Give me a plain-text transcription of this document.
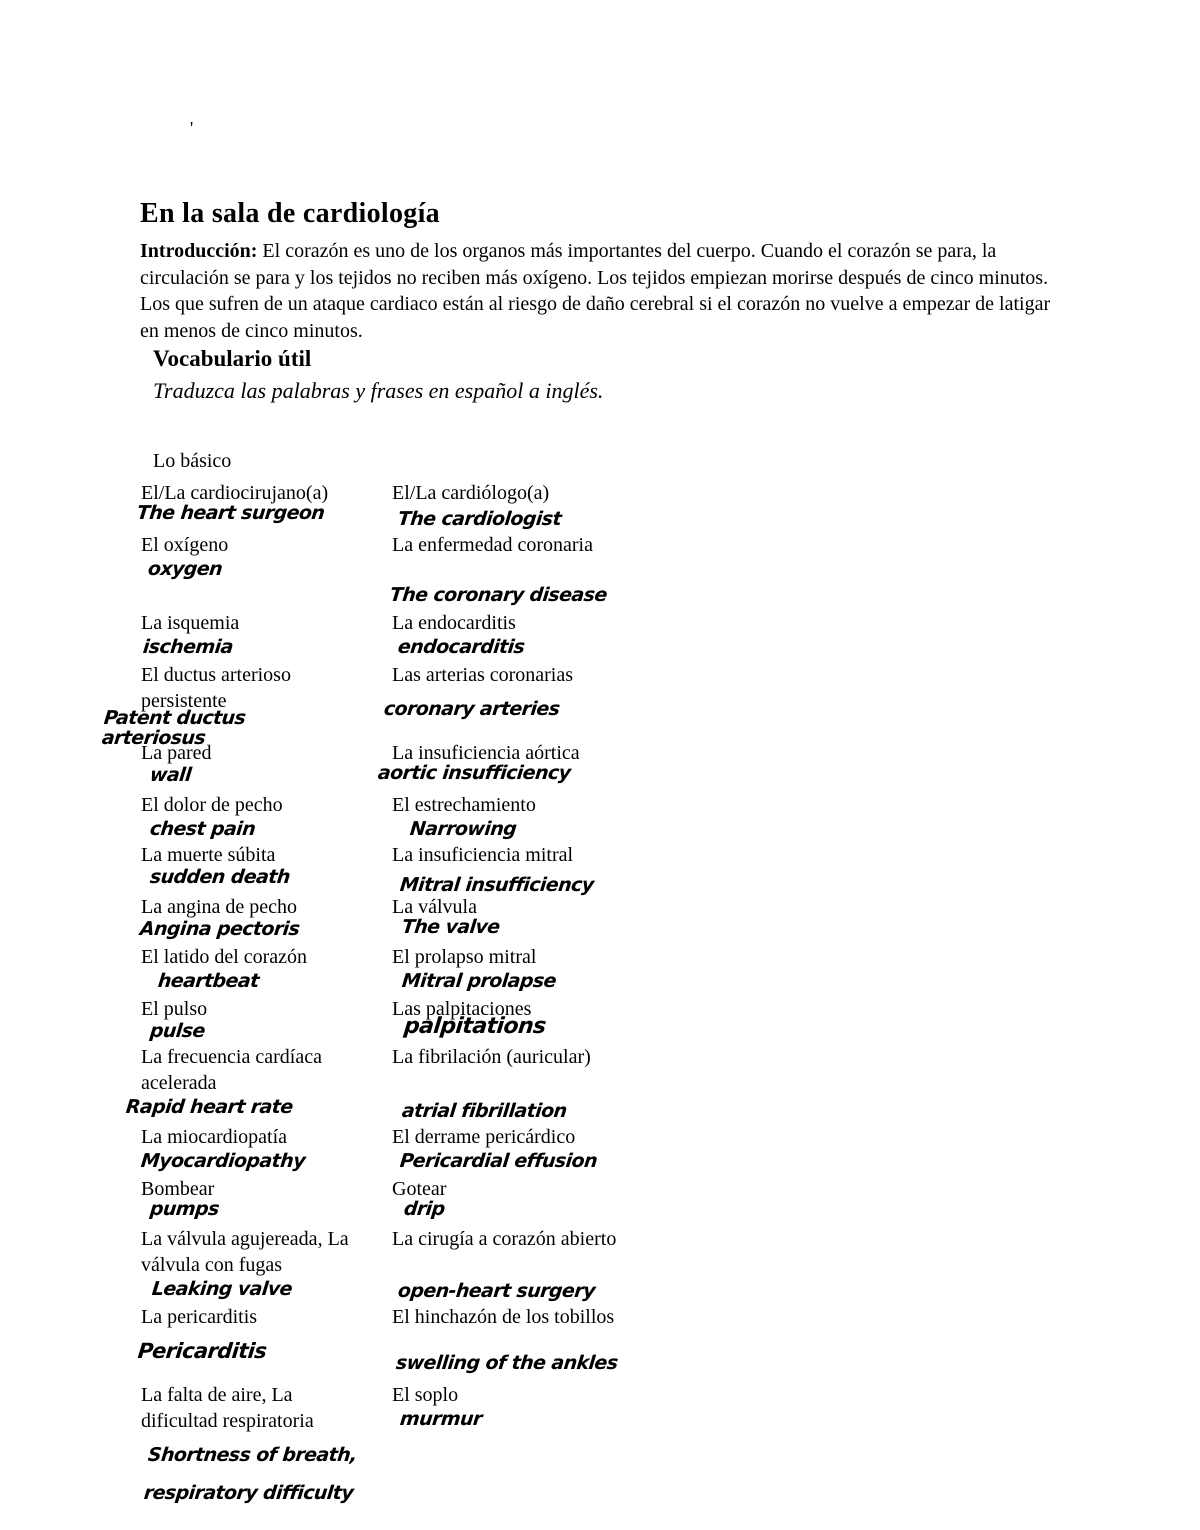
'
En la sala de cardiología

Introducción: El corazón es uno de los organos más importantes del cuerpo. Cuando el corazón se para, la circulación se para y los tejidos no reciben más oxígeno. Los tejidos empiezan morirse después de cinco minutos. Los que sufren de un ataque cardiaco están al riesgo de daño cerebral si el corazón no vuelve a empezar de latigar en menos de cinco minutos.

Vocabulario útil

Traduzca las palabras y frases en español a inglés.

Lo básico

El/La cardiocirujano(a)

The heart surgeon

El/La cardiólogo(a)

The cardiologist

El oxígeno

oxygen

La enfermedad coronaria

The coronary disease

La isquemia

ischemia

La endocarditis

endocarditis

El ductus arterioso persistente

Patent ductus arteriosus

Las arterias coronarias

coronary arteries

La pared

wall

La insuficiencia aórtica

aortic insufficiency

El dolor de pecho

chest pain

El estrechamiento

Narrowing

La muerte súbita

sudden death

La insuficiencia mitral

Mitral insufficiency

La angina de pecho

Angina pectoris

La válvula

The valve

El latido del corazón

heartbeat

El prolapso mitral

Mitral prolapse

El pulso

pulse

Las palpitaciones

palpitations

La frecuencia cardíaca acelerada

Rapid heart rate

La fibrilación (auricular)

atrial fibrillation

La miocardiopatía

Myocardiopathy

El derrame pericárdico

Pericardial effusion

Bombear

pumps

Gotear

drip

La válvula agujereada, La válvula con fugas

Leaking valve

La cirugía a corazón abierto

open-heart surgery

La pericarditis

Pericarditis

El hinchazón de los tobillos

swelling of the ankles

La falta de aire, La dificultad respiratoria

Shortness of breath, respiratory difficulty

El soplo

murmur
